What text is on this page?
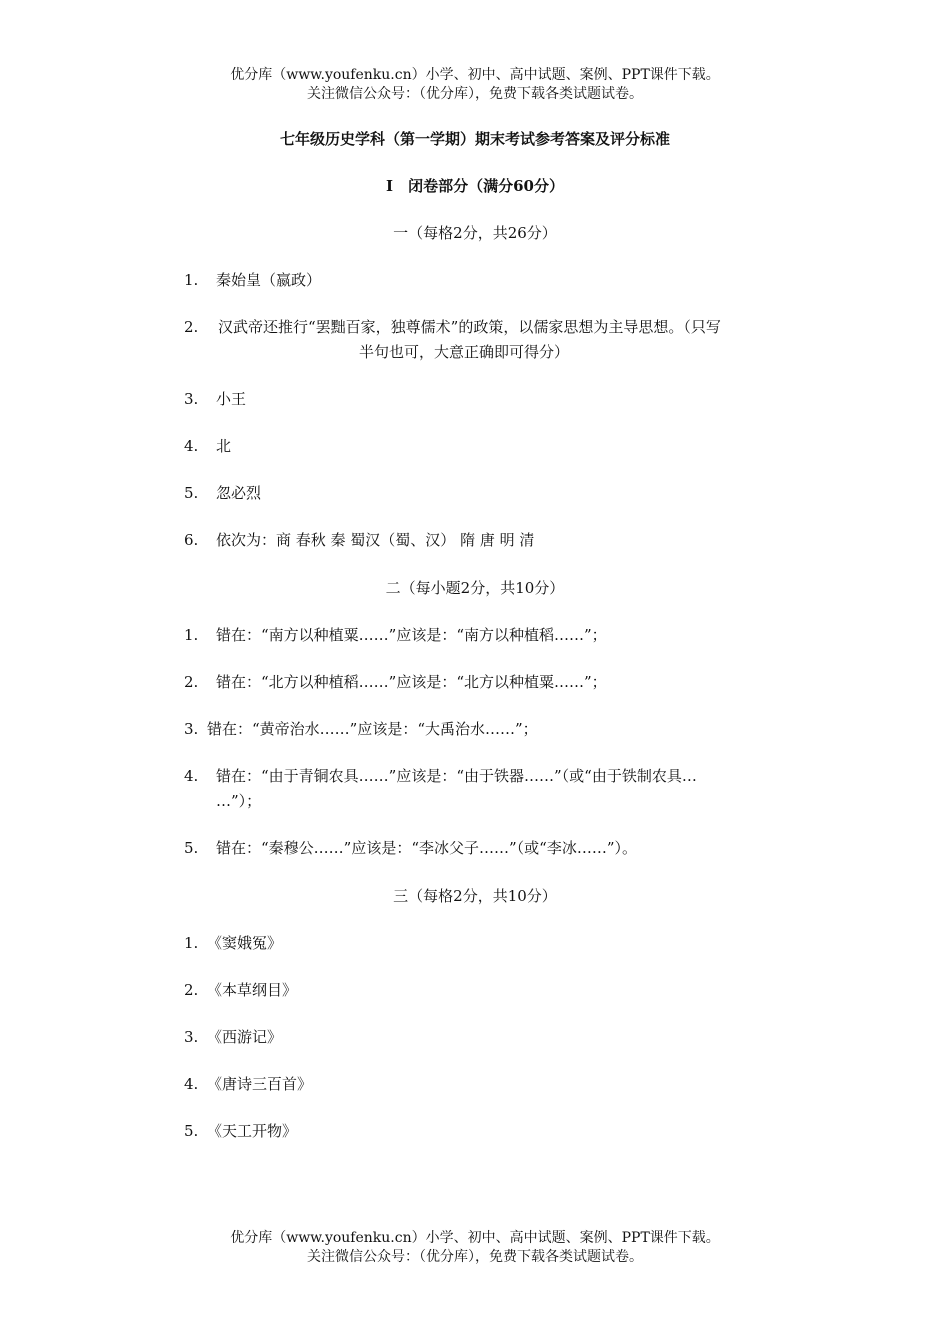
优分库（www.youfenku.cn）小学、初中、高中试题、案例、PPT课件下载。
关注微信公众号：（优分库），免费下载各类试题试卷。
七年级历史学科（第一学期）期末考试参考答案及评分标准
Ⅰ　闭卷部分（满分60分）
一（每格2分，共26分）
1. 秦始皇（嬴政）
2. 汉武帝还推行“罢黜百家，独尊儒术”的政策，以儒家思想为主导思想。（只写
半句也可，大意正确即可得分）
3. 小王
4. 北
5. 忽必烈
6. 依次为：商 春秋 秦 蜀汉（蜀、汉） 隋 唐 明 清
二（每小题2分，共10分）
1. 错在：“南方以种植粟……”应该是：“南方以种植稻……”；
2. 错在：“北方以种植稻……”应该是：“北方以种植粟……”；
3. 错在：“黄帝治水……”应该是：“大禹治水……”；
4. 错在：“由于青铜农具……”应该是：“由于铁器……”（或“由于铁制农具…
…”）；
5. 错在：“秦穆公……”应该是：“李冰父子……”（或“李冰……”）。
三（每格2分，共10分）
1. 《窦娥冤》
2. 《本草纲目》
3. 《西游记》
4. 《唐诗三百首》
5. 《天工开物》
优分库（www.youfenku.cn）小学、初中、高中试题、案例、PPT课件下载。
关注微信公众号：（优分库），免费下载各类试题试卷。
